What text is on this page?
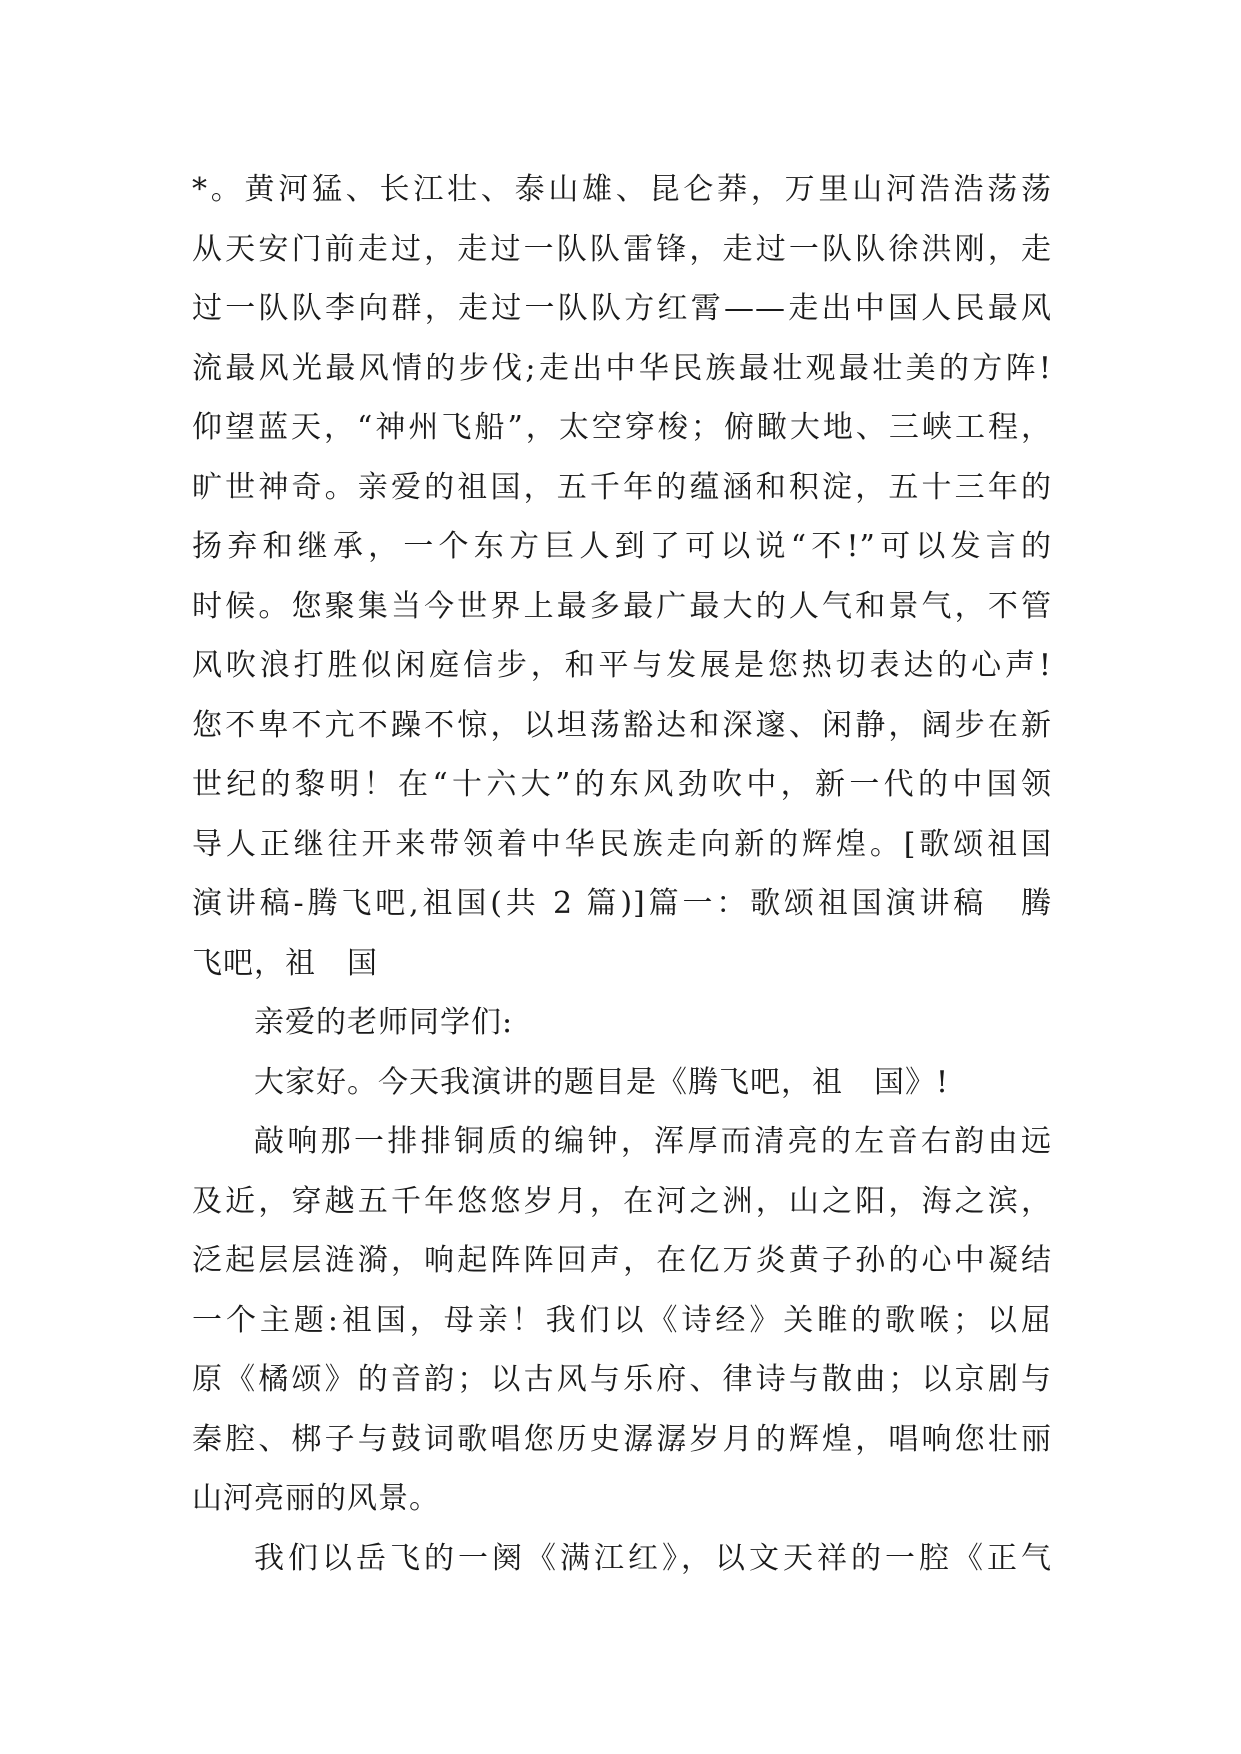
*。黄河猛、长江壮、泰山雄、昆仑莽，万里山河浩浩荡荡
从天安门前走过，走过一队队雷锋，走过一队队徐洪刚，走
过一队队李向群，走过一队队方红霄——走出中国人民最风
流最风光最风情的步伐;走出中华民族最壮观最壮美的方阵!
仰望蓝天，“神州飞船”，太空穿梭；俯瞰大地、三峡工程，
旷世神奇。亲爱的祖国，五千年的蕴涵和积淀，五十三年的
扬弃和继承，一个东方巨人到了可以说“不!”可以发言的
时候。您聚集当今世界上最多最广最大的人气和景气，不管
风吹浪打胜似闲庭信步，和平与发展是您热切表达的心声!
您不卑不亢不躁不惊，以坦荡豁达和深邃、闲静，阔步在新
世纪的黎明！在“十六大”的东风劲吹中，新一代的中国领
导人正继往开来带领着中华民族走向新的辉煌。[歌颂祖国
演讲稿-腾飞吧,祖国(共 2 篇)]篇一：歌颂祖国演讲稿　腾
飞吧，祖　国
亲爱的老师同学们:
大家好。今天我演讲的题目是《腾飞吧，祖　国》!
敲响那一排排铜质的编钟，浑厚而清亮的左音右韵由远
及近，穿越五千年悠悠岁月，在河之洲，山之阳，海之滨，
泛起层层涟漪，响起阵阵回声，在亿万炎黄子孙的心中凝结
一个主题:祖国，母亲！我们以《诗经》关睢的歌喉；以屈
原《橘颂》的音韵；以古风与乐府、律诗与散曲；以京剧与
秦腔、梆子与鼓词歌唱您历史潺潺岁月的辉煌，唱响您壮丽
山河亮丽的风景。
我们以岳飞的一阕《满江红》，以文天祥的一腔《正气
